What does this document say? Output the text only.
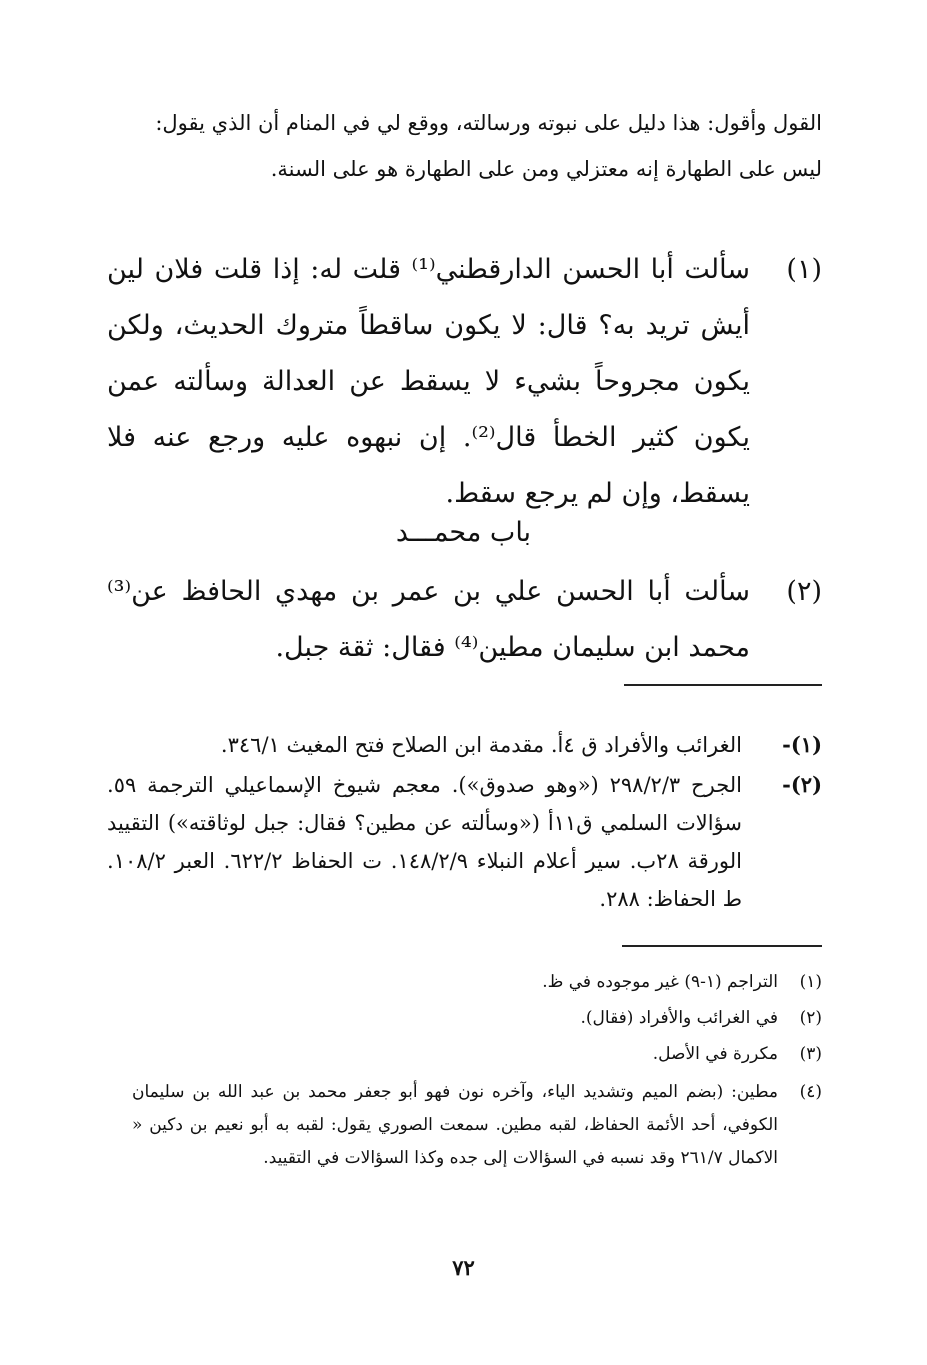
القول وأقول: هذا دليل على نبوته ورسالته، ووقع لي في المنام أن الذي يقول:

ليس على الطهارة إنه معتزلي ومن على الطهارة هو على السنة.

(١)
سألت أبا الحسن الدارقطني⁽¹⁾ قلت له: إذا قلت فلان لين أيش تريد به؟ قال: لا يكون ساقطاً متروك الحديث، ولكن يكون مجروحاً بشيء لا يسقط عن العدالة وسألته عمن يكون كثير الخطأ قال⁽²⁾. إن نبهوه عليه ورجع عنه فلا يسقط، وإن لم يرجع سقط.
باب محمـــد
(٢)
سألت أبا الحسن علي بن عمر بن مهدي الحافظ عن⁽³⁾ محمد ابن سليمان مطين⁽⁴⁾ فقال: ثقة جبل.
(١)-
الغرائب والأفراد ق ٤أ. مقدمة ابن الصلاح فتح المغيث ٣٤٦/١.
(٢)-
الجرح ٢٩٨/٢/٣ («وهو صدوق»). معجم شيوخ الإسماعيلي الترجمة ٥٩. سؤالات السلمي ق١١أ («وسألته عن مطين؟ فقال: جبل لوثاقته») التقييد الورقة ٢٨ب. سير أعلام النبلاء ١٤٨/٢/٩. ت الحفاظ ٦٢٢/٢. العبر ١٠٨/٢. ط الحفاظ: ٢٨٨.
(١)
التراجم (١-٩) غير موجوده في ظ.
(٢)
في الغرائب والأفراد (فقال).
(٣)
مكررة في الأصل.
(٤)
مطين: (بضم الميم وتشديد الياء، وآخره نون فهو أبو جعفر محمد بن عبد الله بن سليمان الكوفي، أحد الأئمة الحفاظ، لقبه مطين. سمعت الصوري يقول: لقبه به أبو نعيم بن دكين « الاكمال ٢٦١/٧ وقد نسبه في السؤالات إلى جده وكذا السؤالات في التقييد.
٧٢
